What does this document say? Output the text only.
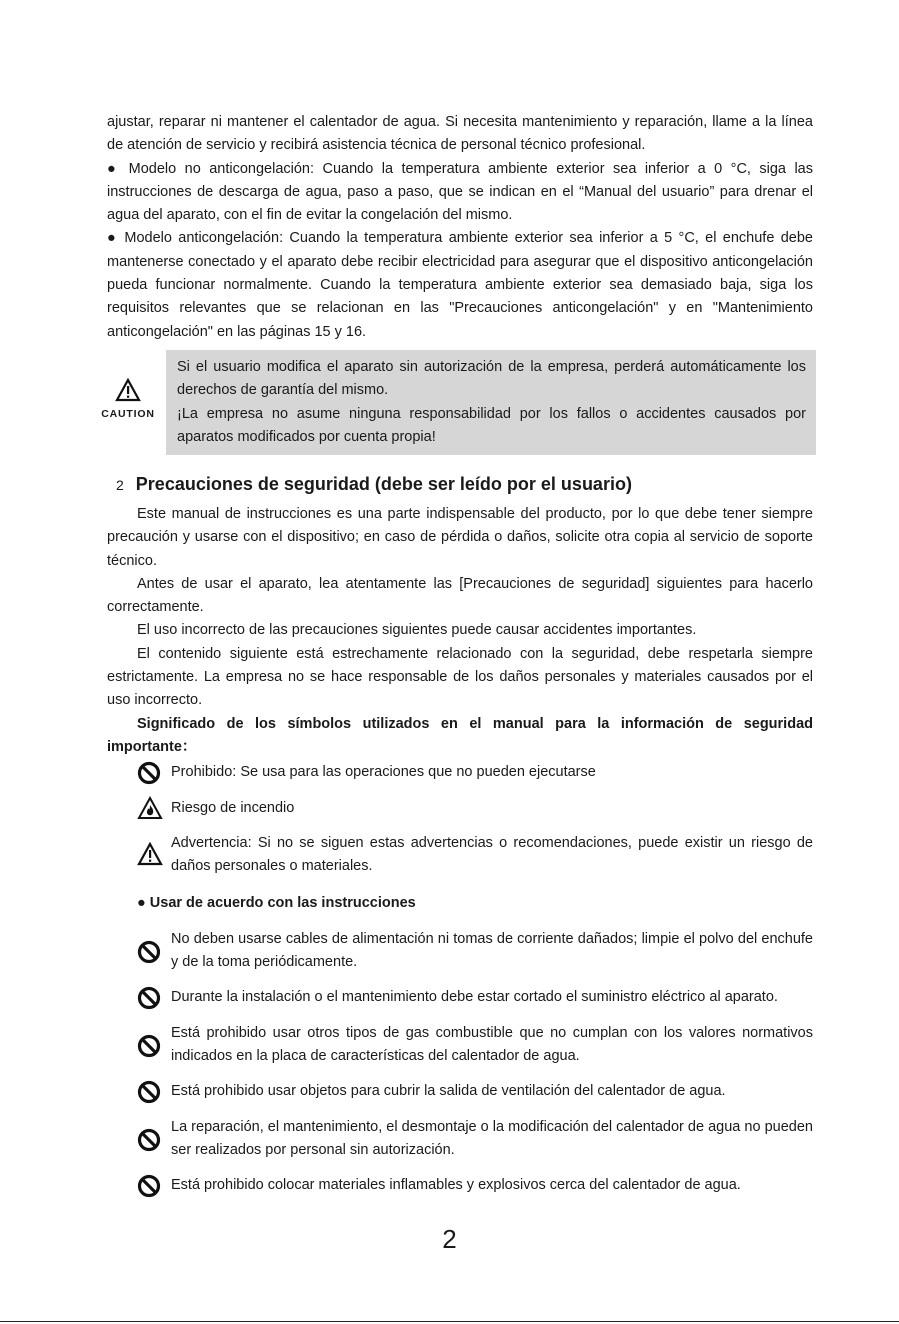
ajustar, reparar ni mantener el calentador de agua. Si necesita mantenimiento y reparación, llame a la línea de atención de servicio y recibirá asistencia técnica de personal técnico profesional.

● Modelo no anticongelación: Cuando la temperatura ambiente exterior sea inferior a 0 °C, siga las instrucciones de descarga de agua, paso a paso, que se indican en el “Manual del usuario” para drenar el agua del aparato, con el fin de evitar la congelación del mismo.

● Modelo anticongelación: Cuando la temperatura ambiente exterior sea inferior a 5 °C, el enchufe debe mantenerse conectado y el aparato debe recibir electricidad para asegurar que el dispositivo anticongelación pueda funcionar normalmente. Cuando la temperatura ambiente exterior sea demasiado baja, siga los requisitos relevantes que se relacionan en las "Precauciones anticongelación" y en "Mantenimiento anticongelación" en las páginas 15 y 16.

CAUTION

Si el usuario modifica el aparato sin autorización de la empresa, perderá automáticamente los derechos de garantía del mismo.

¡La empresa no asume ninguna responsabilidad por los fallos o accidentes causados por aparatos modificados por cuenta propia!

2 Precauciones de seguridad (debe ser leído por el usuario)

Este manual de instrucciones es una parte indispensable del producto, por lo que debe tener siempre precaución y usarse con el dispositivo; en caso de pérdida o daños, solicite otra copia al servicio de soporte técnico.

Antes de usar el aparato, lea atentamente las [Precauciones de seguridad] siguientes para hacerlo correctamente.

El uso incorrecto de las precauciones siguientes puede causar accidentes importantes.

El contenido siguiente está estrechamente relacionado con la seguridad, debe respetarla siempre estrictamente. La empresa no se hace responsable de los daños personales y materiales causados por el uso incorrecto.

Significado de los símbolos utilizados en el manual para la información de seguridad importante：

Prohibido: Se usa para las operaciones que no pueden ejecutarse

Riesgo de incendio

Advertencia: Si no se siguen estas advertencias o recomendaciones, puede existir un riesgo de daños personales o materiales.

● Usar de acuerdo con las instrucciones

No deben usarse cables de alimentación ni tomas de corriente dañados; limpie el polvo del enchufe y de la toma periódicamente.

Durante la instalación o el mantenimiento debe estar cortado el suministro eléctrico al aparato.

Está prohibido usar otros tipos de gas combustible que no cumplan con los valores normativos indicados en la placa de características del calentador de agua.

Está prohibido usar objetos para cubrir la salida de ventilación del calentador de agua.

La reparación, el mantenimiento, el desmontaje o la modificación del calentador de agua no pueden ser realizados por personal sin autorización.

Está prohibido colocar materiales inflamables y explosivos cerca del calentador de agua.

2
